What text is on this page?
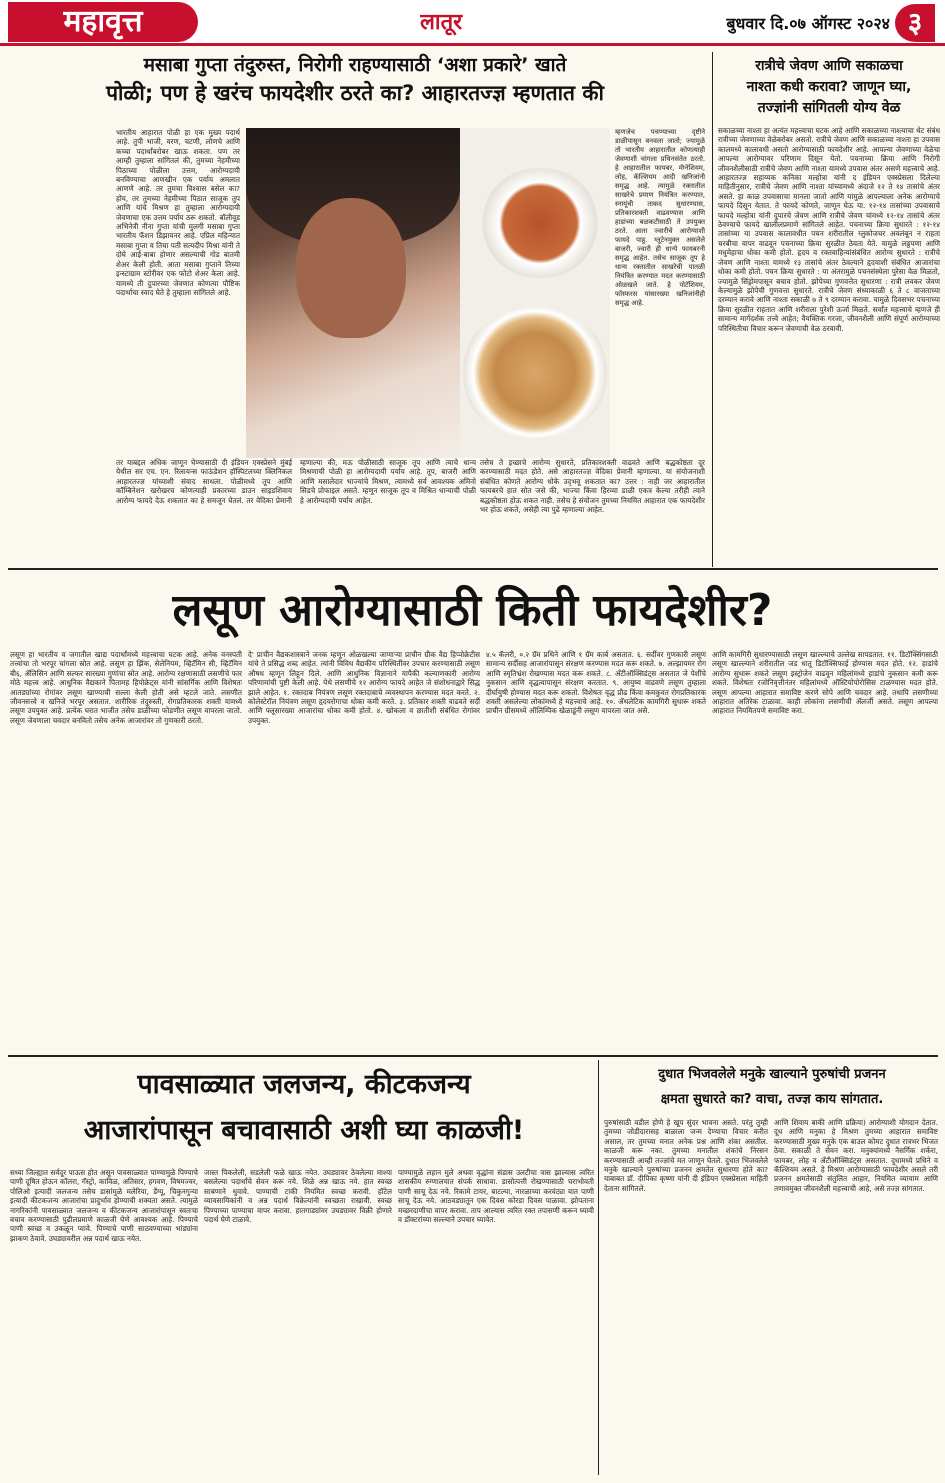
महावृत्त	लातूर	बुधवार दि.०७ ऑगस्ट २०२४ ३
मसाबा गुप्ता तंदुरुस्त, निरोगी राहण्यासाठी ‘अशा प्रकारे’ खाते
पोळी; पण हे खरंच फायदेशीर ठरते का? आहारतज्ज्ञ म्हणतात की
भारतीय आहारात पोळी हा एक मुख्य पदार्थ आहे. तुपी भाजी, वरण, चटणी, लोणचे आणि कच्चा पदार्थांबरोबर खाऊ शकता. पण तर आम्ही तुम्हाला सांगितलं की, तुमच्या नेहमीच्या पिठाच्या पोळीला उत्तम, आरोग्यदायी बनविण्याचा आणखीन एक पर्याय अमलात आणणे आहे. तर तुमचा विश्वास बसेल का? होय, तर तुमच्या नेहमीच्या पिठात साजूक तुप आणि यांचे मिश्रण हा तुम्हाला आरोग्यदायी जेवणाचा एक उत्तम पर्याय ठरू शकतो. बॉलीवूड अभिनेत्री नीना गुप्ता यांची मुलगी मसाबा गुप्ता भारतीय फॅशन डिझायनर आहे. एप्रिल महिन्यात मसाबा गुप्ता व तिचा पती सत्यदीप मिश्रा यांनी ते दोघे आई-बाबा होणार असल्याची गोड बातमी शेअर केली होती. आता मसाबा गुप्ताने तिच्या इन्स्टाग्राम स्टोरीवर एक फोटो शेअर केला आहे. यामध्ये ती दुपारच्या जेवणात कोणत्या पौष्टिक पदार्थाचा स्वाद घेते हे तुम्हाला सांगितले आहे.
म्हणजेच पचण्याच्या दृष्टीने डाळीपासून बनवला जातो; ज्यामुळे तो भारतीय आहारातील कोणत्याही जेवणाशी चांगला प्रथिनसंतेत ठरतो. हे आहारातील फायबर, मॅग्नेशियम, लोह, कॅल्शियम आदी खनिजांनी समृद्ध आहे. त्यामुळे रक्तातील साखरेचे प्रमाण नियंत्रित करण्यात, स्नायूंची ताकद सुधारण्यास, प्रतिकारशक्ती वाढवण्यास आणि हाडांच्या बळकटीसाठी ते उपयुक्त ठरते. आता ज्वारीचे आरोग्याशी फायदे पाहू. ग्लूटेनमुक्त असलेले बाजरी, ज्वारी ही धान्ये फायबरनी समृद्ध आहेत. तसेच साजूक तूप हे धान्य रक्तातील साखरेची पातळी नियंत्रित करण्यात मदत करण्यासाठी ओळखले जाते. हे पोटॅशियम, फॉस्फरस यांसारख्या खनिजांनीही समृद्ध आहे.
तर याबद्दल अधिक जाणून घेण्यासाठी दी इंडियन एक्स्प्रेसने मुंबई येथील सर एच. एन. रिलायन्स फाऊंडेशन हॉस्पिटलच्या क्लिनिकल आहारतज्ज्ञ यांच्याशी संवाद साधला. पोळीमध्ये तूप आणि कॉम्बिनेशन खरोखरच कोणत्याही प्रकारच्या डाउन साइडशिवाय आरोग्य फायदे देऊ शकतात का हे समजून घेतलं. तर वेदिका प्रेमानी म्हणाल्या की, मऊ पोळीसाठी साजूक तूप आणि त्याचे धान्य मिश्रणाची पोळी हा आरोग्यदायी पर्याय आहे. तूप, बाजरी आणि आणि मसालेदार भाज्यांचे मिश्रण, त्यामध्ये सर्व आवश्यक अमिनो सिडचे प्रोफाइल असते. म्हणून साजूक तूप व मिश्रित धान्याची पोळी हे आरोग्यदायी पर्याय आहेत.
तसेच ते इच्छाचे आरोग्य सुधारते, प्रतिकारशक्ती वाढवते आणि बद्धकोष्ठता दूर करण्यासाठी मदत होते. असे आहारतज्ज्ञ वेदिका प्रेमानी म्हणाल्या. या संयोजनाशी संबंधित कोणते आरोग्य धोके उद्‌भवू शकतात का? उत्तर : नाही जर आहारातील फायबरचे हात सोत जसे की, भाज्या किंवा हिरव्या डाळी एकत्र केल्या तरीही त्याने बद्धकोष्ठता होऊ शकत नाही. तसेच हे संयोजन तुमच्या नियमित आहारात एक फायदेशीर भर होऊ शकते, असेही त्या पुढे म्हणाल्या आहेत.
रात्रीचे जेवण आणि सकाळचा
नाश्ता कधी करावा? जाणून घ्या,
तज्ज्ञांनी सांगितली योग्य वेळ
सकाळच्या नाश्ता हा अत्यंत महत्त्वाचा घटक आहे आणि सकाळच्या नाश्त्याचा थेट संबंध रात्रीच्या जेवणाच्या वेळेबरोबर असतो. रात्रीचे जेवण आणि सकाळच्या नाश्ता हा उपवास कालमध्ये कालावधी असतो आरोग्यासाठी फायदेशीर आहे. आपल्या जेवणाच्या वेळेचा आपल्या आरोग्यावर परिणाम दिसून येतो. पचनाच्या क्रिया आणि निरोगी जीवनशैलीसाठी रात्रीचे जेवण आणि नाश्ता यामध्ये उपवास अंतर असणे महत्त्वाचे आहे. आहारतज्ज्ञ सहाय्यक कनिका मल्होत्रा यांनी द इंडियन एक्स्प्रेसला दिलेल्या माहितीनुसार, रात्रीचे जेवण आणि नाश्ता यांच्यामध्ये अंदाजे १२ ते १४ तासांचे अंतर असते. हा काळ उपवासाचा मानला जातो आणि यामुळे आपल्याला अनेक आरोग्याचे फायदे दिसून येतात. ते फायदे कोणते, जाणून घेऊ या. १२-१४ तासांच्या उपवासाचे फायदे मल्होत्रा यांनी दुपारचे जेवण आणि रात्रीचे जेवण यांमध्ये १२-१४ तासांचे अंतर ठेवण्याचे फायदे खालीलप्रमाणे सांगितले आहेत. पचनाच्या क्रिया सुधारते : १२-१४ तासांच्या या उपवास कालावधीत पचन शरीरातील ग्लुकोजचर अवलंबून न राहता चरबीचा वापर वाढवून पचनाच्या क्रिया सुरळीत ठेवता येते. यामुळे लठ्ठपणा आणि मधुमेहाचा धोका कमी होतो. हृदय व रक्तवाहिन्यांसंबंधित आरोग्य सुधारते : रात्रीचे जेवण आणि नाश्ता यामध्ये १३ तासांचे अंतर ठेवल्याने हृदयाशी संबंधित आजारांचा धोका कमी होतो. पचन क्रिया सुधारते : या अंतरामुळे पचनसंस्थेला पुरेसा वेळ मिळतो, ज्यामुळे सिंड्रोमपासून बचाव होतो. झोपेच्या गुणवत्तेत सुधारणा : रात्री लवकर जेवण केल्यामुळे झोपेची गुणवत्ता सुधारते. रात्रीचे जेवण संध्याकाळी ६ ते ८ वाजताच्या दरम्यान करावे आणि नाश्ता सकाळी ७ ते ९ दरम्यान करावा. यामुळे दिवसभर पचनाच्या क्रिया सुरळीत राहतात आणि शरीराला पुरेशी ऊर्जा मिळते. सर्वांत महत्त्वाचे म्हणजे ही सामान्य मार्गदर्शक तत्त्वे आहेत; वैयक्तिक गरजा, जीवनशैली आणि संपूर्ण आरोग्याच्या परिस्थितीचा विचार करून जेवणाची वेळ ठरवावी.
लसूण आरोग्यासाठी किती फायदेशीर?
लसूण हा भारतीय व जगातील खाद्य पदार्थांमध्ये महत्त्वाचा घटक आहे. अनेक वनस्पती तत्त्वांचा तो भरपूर चांगला स्रोत आहे. लसूण हा झिंक, सेलेनियम, व्हिटॅमिन सी, व्हिटॅमिन बी६, ॲलिसिन आणि सल्फर सारख्या गुणांचा स्रोत आहे. आरोग्य रक्षणासाठी लसणीचे फार मोठे महत्त्व आहे. आधुनिक वैद्यकाने पितामह हिपोक्रेट्स यांनी सांसर्गिक आणि विशेषतः आतड्यांच्या रोगांवर लसूण खाण्याची सल्ला केली होती असे म्हटले जाते. लसणीत जीवनसत्त्वे व खनिजे भरपूर असतात. शारीरिक तंदुरुस्ती, रोगप्रतिकारक शक्ती यामध्ये लसूण उपयुक्त आहे. प्रत्येक घरात भाजीत तसेच डाळींच्या फोडणीत लसूण वापरला जातो. लसूण जेवणाला चवदार बनवितो तसेच अनेक आजारांवर तो गुणकारी ठरतो.
दे' प्राचीन वैद्यकशास्त्राने जनक म्हणून ओळखल्या जाणाऱ्या प्राचीन ग्रीक वैद्य हिप्पोक्रेटीस यांचे ते प्रसिद्ध शब्द आहेत. त्यांनी विविध वैद्यकीय परिस्थितींवर उपचार करण्यासाठी लसूण औषध म्हणून लिहून दिले. आणि आधुनिक विज्ञानाने यापैकी कल्याणकारी आरोग्य परिणामांची पुष्टी केली आहे. येथे लसणीचे १२ आरोग्य फायदे आहेत जे संशोधनाद्वारे सिद्ध झाले आहेत. १. रक्तदाब नियंत्रण लसूण रक्तदाबाचे व्यवस्थापन करण्यास मदत करते. २. कोलेस्टेरॉल नियंत्रण लसूण हृदयरोगाचा धोका कमी करते. ३. प्रतिकार शक्ती वाढवते सर्दी आणि फ्लूसारख्या आजारांचा धोका कमी होतो. ४. खोकला व छातीशी संबंधित रोगांवर उपयुक्त.
४.५ कॅलरी, ०.२ ग्रॅम प्रथिने आणि १ ग्रॅम कार्ब असतात. ६. सर्दीवर गुणकारी लसूण सामान्य सर्दीसह आजारांपासून संरक्षण करण्यास मदत करू शकते. ७. अल्झायमर रोग आणि स्मृतिभ्रंश रोखण्यास मदत करू शकते. ८. ॲंटीऑक्सिडंट्स असतात जे पेशींचे नुकसान आणि वृद्धत्वापासून संरक्षण करतात. ९. आयुष्य वाढवणे लसूण तुम्हाला दीर्घायुषी होण्यास मदत करू शकतो. विशेषतः वृद्ध प्रौढ किंवा कमकुवत रोगप्रतिकारक शक्ती असलेल्या लोकांमध्ये हे महत्त्वाचे आहे. १०. ॲथलेटिक कामगिरी सुधारू शकते प्राचीन ग्रीसमध्ये ऑलिम्पिक खेळाडूंनी लसूण वापरला जात असे.
आणि कामगिरी सुधारण्यासाठी लसूण खाल्ल्याचे उल्लेख सापडतात. ११. डिटॉक्सिंगसाठी लसूण खाल्ल्याने शरीरातील जड धातू डिटॉक्सिफाई होण्यास मदत होते. १२. हाडांचे आरोग्य सुधारू शकते लसूण इस्ट्रोजेन वाढवून महिलांमध्ये हाडांचे नुकसान कमी करू शकते. विशेषतः रजोनिवृत्तीनंतर महिलांमध्ये ऑस्टियोपोरोसिस टाळण्यास मदत होते. लसूण आपल्या आहारात समाविष्ट करणे सोपे आणि चवदार आहे. तथापि लसणीच्या आहारात अतिरेक टाळावा. काही लोकांना लसणीची ॲलर्जी असते. लसूण आपल्या आहारात नियमितपणे समाविष्ट करा.
पावसाळ्यात जलजन्य, कीटकजन्य
आजारांपासून बचावासाठी अशी घ्या काळजी!
सध्या जिल्ह्यात सर्वदूर पाऊस होत असून पावसाळ्यात पाण्यामुळे पिण्याचे पाणी दूषित होऊन कॉलरा, गॅस्ट्रो, काविळ, अतिसार, हगवण, विषमज्वर, पोलिओ इत्यादी जलजन्य तसेच डासांमुळे मलेरिया, डेंग्यू, चिकुनगुन्या इत्यादी कीटकजन्य आजारांचा प्रादुर्भाव होण्याची शक्यता असते. त्यामुळे नागरिकांनी पावसाळ्यात जलजन्य व कीटकजन्य आजारांपासून स्वतःचा बचाव करण्यासाठी पुढीलप्रमाणे काळजी घेणे आवश्यक आहे. पिण्याचे पाणी स्वच्छ व उकळून प्यावे. पिण्याचे पाणी साठवण्याच्या भांड्यांना झाकण ठेवावे. उघड्यावरील अन्न पदार्थ खाऊ नयेत.
जास्त पिकलेली, सडलेली फळे खाऊ नयेत. उघड्यावर ठेवलेल्या माश्या बसलेल्या पदार्थांचे सेवन करू नये. शिळे अन्न खाऊ नये. हात स्वच्छ साबणाने धुवावे. पाण्याची टाकी नियमित स्वच्छ करावी. हॉटेल व्यावसायिकांनी व अन्न पदार्थ विक्रेत्यांनी स्वच्छता राखावी. स्वच्छ पिण्याच्या पाण्याचा वापर करावा. हातगाड्यांवर उघड्यावर विक्री होणारे पदार्थ घेणे टाळावे.
पाण्यामुळे लहान मुले अथवा वृद्धांना संडास उलटीचा त्रास झाल्यास त्वरित शासकीय रुग्णालयात संपर्क साधावा. डासोत्पत्ती रोखण्यासाठी घराभोवती पाणी साचू देऊ नये. रिकामे टायर, बाटल्या, नारळाच्या करवंट्या यात पाणी साचू देऊ नये. आठवड्यातून एक दिवस कोरडा दिवस पाळावा. झोपताना मच्छरदाणीचा वापर करावा. ताप आल्यास त्वरित रक्त तपासणी करून घ्यावी व डॉक्टरांच्या सल्ल्याने उपचार घ्यावेत.
दुधात भिजवलेले मनुके खाल्याने पुरुषांची प्रजनन
क्षमता सुधारते का? वाचा, तज्ज्ञ काय सांगतात.
पुरुषांसाठी वडील होणे हे खूप सुंदर भावना असते. परंतु तुम्ही तुमच्या जोडीदारासह बाळाला जन्म देण्याचा विचार करीत असाल, तर तुमच्या मनात अनेक प्रश्न आणि शंका असतील. काळजी करू नका. तुमच्या मनातील शंकांचे निरसन करण्यासाठी आम्ही तज्ज्ञांचे मत जाणून घेतले. दुधात भिजवलेले मनुके खाल्याने पुरुषांच्या प्रजनन क्षमतेत सुधारणा होते का? याबाबत डॉ. दीपिका कृष्णा यांनी दी इंडियन एक्स्प्रेसला माहिती देताना सांगितले.
आणि शिवाय बाकी आणि प्रक्रिया) आरोग्याशी योगदान देतात. दूध आणि मनुका हे मिश्रण तुमच्या आहारात समाविष्ट करण्यासाठी मुख्य मनुके एक बाउल कोमट दुधात रात्रभर भिजत ठेवा. सकाळी ते सेवन करा. मनुक्यांमध्ये नैसर्गिक शर्करा, फायबर, लोह व अँटीऑक्सिडंट्स असतात. दुधामध्ये प्रथिने व कॅल्शियम असते. हे मिश्रण आरोग्यासाठी फायदेशीर असले तरी प्रजनन क्षमतेसाठी संतुलित आहार, नियमित व्यायाम आणि तणावमुक्त जीवनशैली महत्त्वाची आहे, असे तज्ज्ञ सांगतात.
